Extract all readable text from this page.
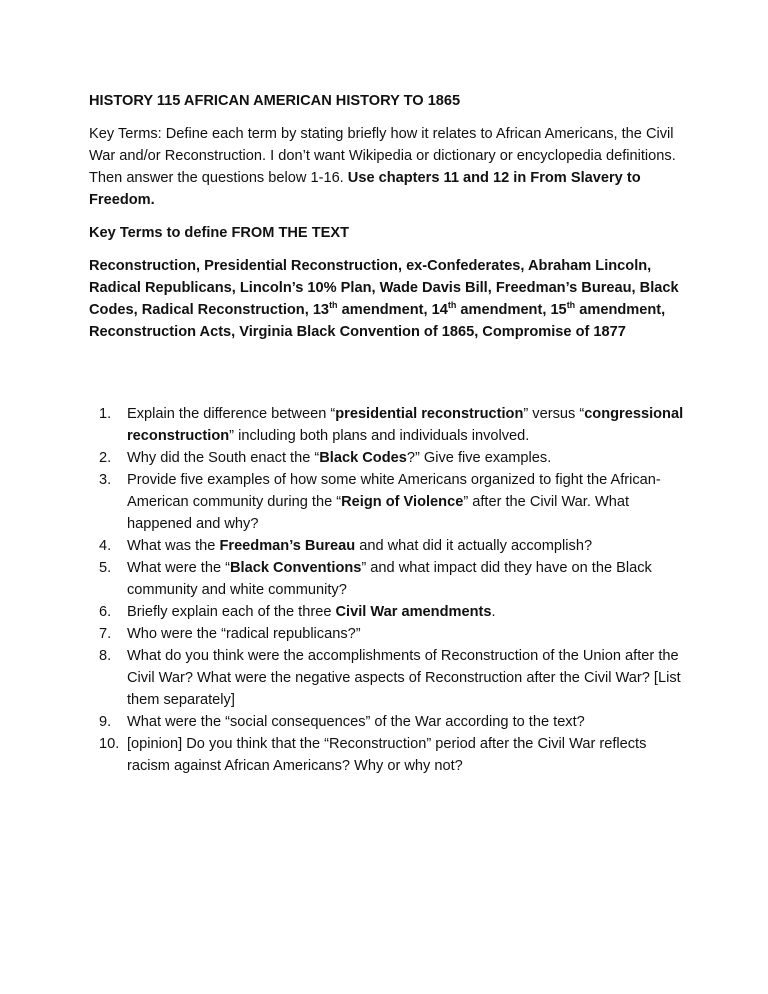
HISTORY 115 AFRICAN AMERICAN HISTORY TO 1865

Key Terms: Define each term by stating briefly how it relates to African Americans, the Civil War and/or Reconstruction. I don’t want Wikipedia or dictionary or encyclopedia definitions. Then answer the questions below 1-16. Use chapters 11 and 12 in From Slavery to Freedom.

Key Terms to define FROM THE TEXT

Reconstruction, Presidential Reconstruction, ex-Confederates, Abraham Lincoln, Radical Republicans, Lincoln’s 10% Plan, Wade Davis Bill, Freedman’s Bureau, Black Codes, Radical Reconstruction, 13th amendment, 14th amendment, 15th amendment, Reconstruction Acts, Virginia Black Convention of 1865, Compromise of 1877

1. Explain the difference between “presidential reconstruction” versus “congressional reconstruction” including both plans and individuals involved.
2. Why did the South enact the “Black Codes?” Give five examples.
3. Provide five examples of how some white Americans organized to fight the African-American community during the “Reign of Violence” after the Civil War. What happened and why?
4. What was the Freedman’s Bureau and what did it actually accomplish?
5. What were the “Black Conventions” and what impact did they have on the Black community and white community?
6. Briefly explain each of the three Civil War amendments.
7. Who were the “radical republicans?”
8. What do you think were the accomplishments of Reconstruction of the Union after the Civil War? What were the negative aspects of Reconstruction after the Civil War? [List them separately]
9. What were the “social consequences” of the War according to the text?
10. [opinion] Do you think that the “Reconstruction” period after the Civil War reflects racism against African Americans? Why or why not?
